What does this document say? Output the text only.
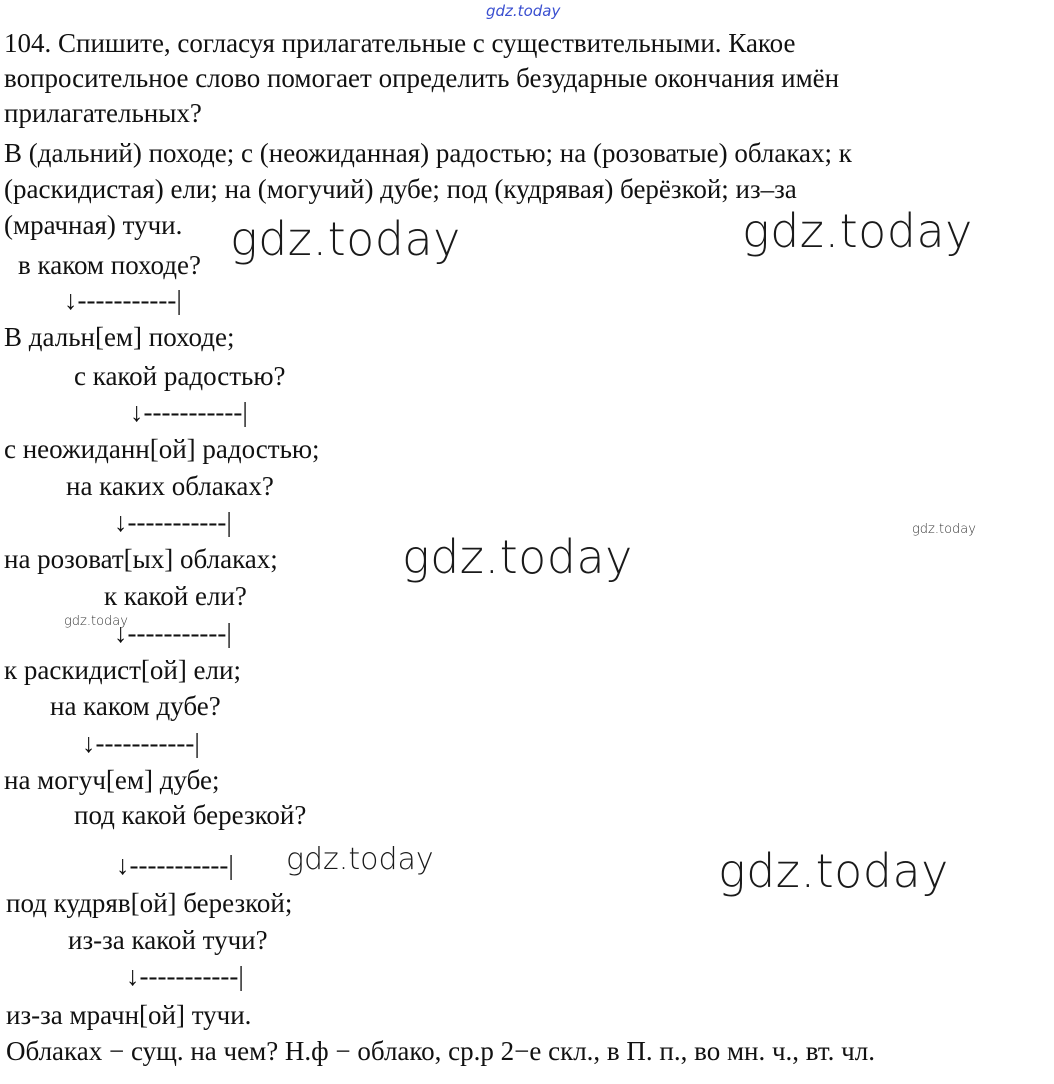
gdz.today
104. Спишите, согласуя прилагательные с существительными. Какое
вопросительное слово помогает определить безударные окончания имён
прилагательных?
В (дальний) походе; с (неожиданная) радостью; на (розоватые) облаках; к
(раскидистая) ели; на (могучий) дубе; под (кудрявая) берёзкой; из–за
(мрачная) тучи. gdz.today	gdz.today
в каком походе?
↓-----------|
В дальн[ем] походе;
с какой радостью?
↓-----------|
с неожиданн[ой] радостью;
на каких облаках?
↓-----------|	gdz.today
на розоват[ых] облаках;	gdz.today
к какой ели?
gdz.today
↓-----------|
к раскидист[ой] ели;
на каком дубе?
↓-----------|
на могуч[ем] дубе;
под какой березкой?
↓-----------| gdz.today	gdz.today
под кудряв[ой] березкой;
из-за какой тучи?
↓-----------|
из-за мрачн[ой] тучи.
Облаках − сущ. на чем? Н.ф − облако, ср.р 2−е скл., в П. п., во мн. ч., вт. чл.
